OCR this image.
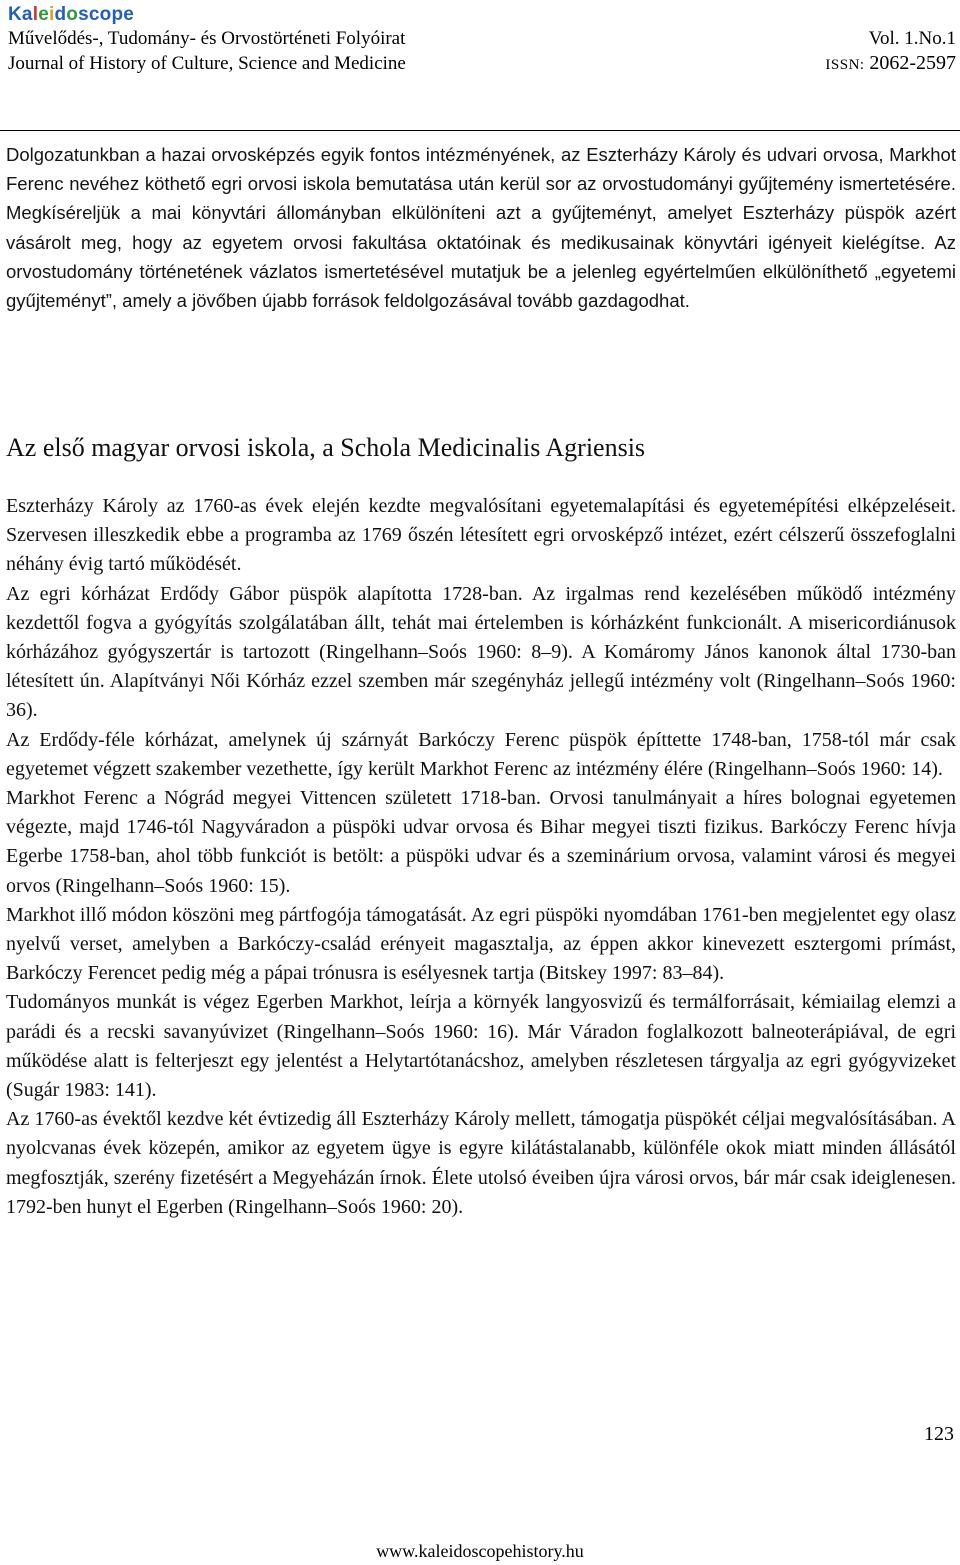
Kaleidoscope
Művelődés-, Tudomány- és Orvostörténeti Folyóirat	Vol. 1.No.1
Journal of History of Culture, Science and Medicine	ISSN: 2062-2597
Dolgozatunkban a hazai orvosképzés egyik fontos intézményének, az Eszterházy Károly és udvari orvosa, Markhot Ferenc nevéhez köthető egri orvosi iskola bemutatása után kerül sor az orvostudományi gyűjtemény ismertetésére. Megkíséreljük a mai könyvtári állományban elkülöníteni azt a gyűjteményt, amelyet Eszterházy püspök azért vásárolt meg, hogy az egyetem orvosi fakultása oktatóinak és medikusainak könyvtári igényeit kielégítse. Az orvostudomány történetének vázlatos ismertetésével mutatjuk be a jelenleg egyértelműen elkülöníthető „egyetemi gyűjteményt”, amely a jövőben újabb források feldolgozásával tovább gazdagodhat.
Az első magyar orvosi iskola, a Schola Medicinalis Agriensis

Eszterházy Károly az 1760-as évek elején kezdte megvalósítani egyetemalapítási és egyetemépítési elképzeléseit. Szervesen illeszkedik ebbe a programba az 1769 őszén létesített egri orvosképző intézet, ezért célszerű összefoglalni néhány évig tartó működését.

Az egri kórházat Erdődy Gábor püspök alapította 1728-ban. Az irgalmas rend kezelésében működő intézmény kezdettől fogva a gyógyítás szolgálatában állt, tehát mai értelemben is kórházként funkcionált. A misericordiánusok kórházához gyógyszertár is tartozott (Ringelhann–Soós 1960: 8–9). A Komáromy János kanonok által 1730-ban létesített ún. Alapítványi Női Kórház ezzel szemben már szegényház jellegű intézmény volt (Ringelhann–Soós 1960: 36).

Az Erdődy-féle kórházat, amelynek új szárnyát Barkóczy Ferenc püspök építtette 1748-ban, 1758-tól már csak egyetemet végzett szakember vezethette, így került Markhot Ferenc az intézmény élére (Ringelhann–Soós 1960: 14).

Markhot Ferenc a Nógrád megyei Vittencen született 1718-ban. Orvosi tanulmányait a híres bolognai egyetemen végezte, majd 1746-tól Nagyváradon a püspöki udvar orvosa és Bihar megyei tiszti fizikus. Barkóczy Ferenc hívja Egerbe 1758-ban, ahol több funkciót is betölt: a püspöki udvar és a szeminárium orvosa, valamint városi és megyei orvos (Ringelhann–Soós 1960: 15).

Markhot illő módon köszöni meg pártfogója támogatását. Az egri püspöki nyomdában 1761-ben megjelentet egy olasz nyelvű verset, amelyben a Barkóczy-család erényeit magasztalja, az éppen akkor kinevezett esztergomi prímást, Barkóczy Ferencet pedig még a pápai trónusra is esélyesnek tartja (Bitskey 1997: 83–84).

Tudományos munkát is végez Egerben Markhot, leírja a környék langyosvizű és termálforrásait, kémiailag elemzi a parádi és a recski savanyúvizet (Ringelhann–Soós 1960: 16). Már Váradon foglalkozott balneoterápiával, de egri működése alatt is felterjeszt egy jelentést a Helytartótanácshoz, amelyben részletesen tárgyalja az egri gyógyvizeket (Sugár 1983: 141).

Az 1760-as évektől kezdve két évtizedig áll Eszterházy Károly mellett, támogatja püspökét céljai megvalósításában. A nyolcvanas évek közepén, amikor az egyetem ügye is egyre kilátástalanabb, különféle okok miatt minden állásától megfosztják, szerény fizetésért a Megyeházán írnok. Élete utolsó éveiben újra városi orvos, bár már csak ideiglenesen. 1792-ben hunyt el Egerben (Ringelhann–Soós 1960: 20).

123
www.kaleidoscopehistory.hu
